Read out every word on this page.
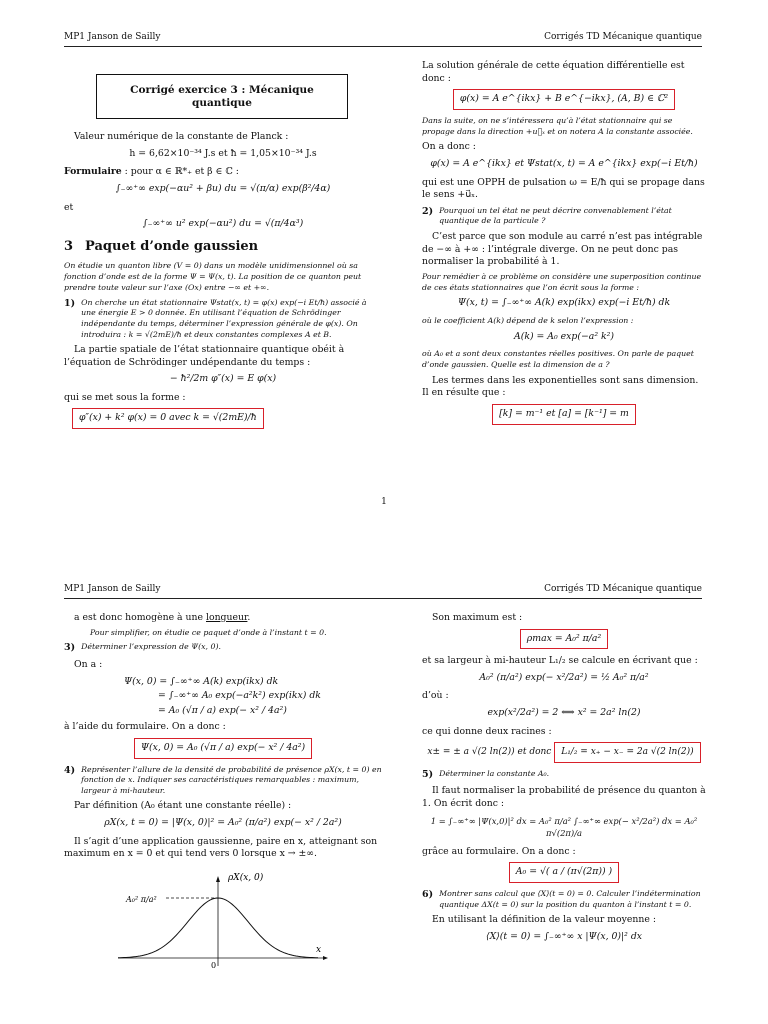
MP1 Janson de Sailly	Corrigés TD Mécanique quantique
Corrigé exercice 3 : Mécanique quantique

Valeur numérique de la constante de Planck :

h = 6,62×10⁻³⁴ J.s et ħ = 1,05×10⁻³⁴ J.s

Formulaire : pour α ∈ ℝ*₊ et β ∈ ℂ :

∫₋∞⁺∞ exp(−αu² + βu) du = √(π/α) exp(β²/4α)

et

∫₋∞⁺∞ u² exp(−αu²) du = √(π/4α³)
3 Paquet d’onde gaussien

On étudie un quanton libre (V = 0) dans un modèle unidimensionnel où sa fonction d’onde est de la forme Ψ = Ψ(x, t). La position de ce quanton peut prendre toute valeur sur l’axe (Ox) entre −∞ et +∞.

1) On cherche un état stationnaire Ψstat(x, t) = φ(x) exp(−i Et/ħ) associé à une énergie E > 0 donnée. En utilisant l’équation de Schrödinger indépendante du temps, déterminer l’expression générale de φ(x). On introduira : k = √(2mE)/ħ et deux constantes complexes A et B.

La partie spatiale de l’état stationnaire quantique obéit à l’équation de Schrödinger undépendante du temps :

− ħ²/2m φ″(x) = E φ(x)

qui se met sous la forme :

φ″(x) + k² φ(x) = 0 avec k = √(2mE)/ħ

La solution générale de cette équation différentielle est donc :

φ(x) = A e^{ikx} + B e^{−ikx}, (A, B) ∈ ℂ²

Dans la suite, on ne s’intéressera qu’à l’état stationnaire qui se propage dans la direction +u⃗ₓ et on notera A la constante associée.

On a donc :

φ(x) = A e^{ikx} et Ψstat(x, t) = A e^{ikx} exp(−i Et/ħ)

qui est une OPPH de pulsation ω = E/ħ qui se propage dans le sens +u⃗ₓ.

2) Pourquoi un tel état ne peut décrire convenablement l’état quantique de la particule ?

C’est parce que son module au carré n’est pas intégrable de −∞ à +∞ : l’intégrale diverge. On ne peut donc pas normaliser la probabilité à 1.

Pour remédier à ce problème on considère une superposition continue de ces états stationnaires que l’on écrit sous la forme :

Ψ(x, t) = ∫₋∞⁺∞ A(k) exp(ikx) exp(−i Et/ħ) dk

où le coefficient A(k) dépend de k selon l’expression :

A(k) = A₀ exp(−a² k²)

où A₀ et a sont deux constantes réelles positives. On parle de paquet d’onde gaussien. Quelle est la dimension de a ?

Les termes dans les exponentielles sont sans dimension. Il en résulte que :

[k] = m⁻¹ et [a] = [k⁻¹] = m
1
MP1 Janson de Sailly	Corrigés TD Mécanique quantique

a est donc homogène à une longueur.

Pour simplifier, on étudie ce paquet d’onde à l’instant t = 0.

3) Déterminer l’expression de Ψ(x, 0).

On a :

Ψ(x, 0) = ∫₋∞⁺∞ A(k) exp(ikx) dk
= ∫₋∞⁺∞ A₀ exp(−a²k²) exp(ikx) dk
= A₀ (√π / a) exp(− x² / 4a²)

à l’aide du formulaire. On a donc :

Ψ(x, 0) = A₀ (√π / a) exp(− x² / 4a²)
4) Représenter l’allure de la densité de probabilité de présence ρX(x, t = 0) en fonction de x. Indiquer ses caractéristiques remarquables : maximum, largeur à mi-hauteur.

Par définition (A₀ étant une constante réelle) :

ρX(x, t = 0) = |Ψ(x, 0)|² = A₀² (π/a²) exp(− x² / 2a²)

Il s’agit d’une application gaussienne, paire en x, atteignant son maximum en x = 0 et qui tend vers 0 lorsque x → ±∞.

ρX(x, 0)
A₀² π/a²
x
0

Son maximum est :

ρmax = A₀² π/a²

et sa largeur à mi-hauteur L₁/₂ se calcule en écrivant que :

A₀² (π/a²) exp(− x²/2a²) = ½ A₀² π/a²

d’où :

exp(x²/2a²) = 2 ⟺ x² = 2a² ln(2)

ce qui donne deux racines :

x± = ± a √(2 ln(2)) et donc L₁/₂ = x₊ − x₋ = 2a √(2 ln(2))
5) Déterminer la constante A₀.

Il faut normaliser la probabilité de présence du quanton à 1. On écrit donc :

1 = ∫₋∞⁺∞ |Ψ(x,0)|² dx = A₀² π/a² ∫₋∞⁺∞ exp(− x²/2a²) dx = A₀² π√(2π)/a

grâce au formulaire. On a donc :

A₀ = √( a / (π√(2π)) )
6) Montrer sans calcul que ⟨X⟩(t = 0) = 0. Calculer l’indétermination quantique ΔX(t = 0) sur la position du quanton à l’instant t = 0.

En utilisant la définition de la valeur moyenne :

⟨X⟩(t = 0) = ∫₋∞⁺∞ x |Ψ(x, 0)|² dx
